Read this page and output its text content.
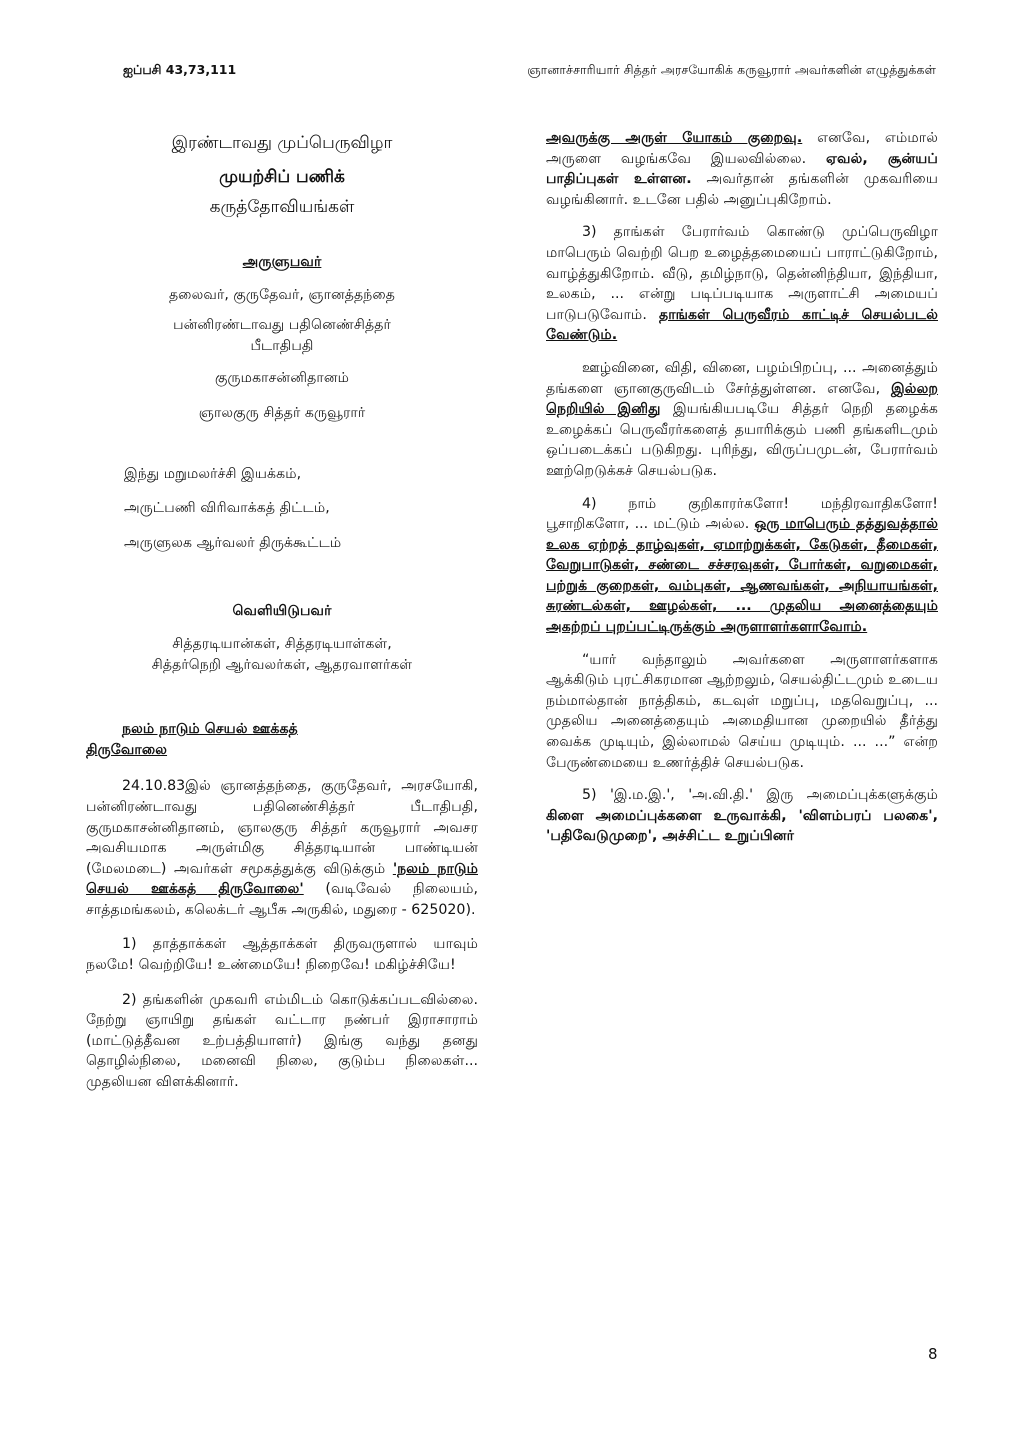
ஐப்பசி 43,73,111	ஞானாச்சாரியார் சித்தர் அரசயோகிக் கருவூரார் அவர்களின் எழுத்துக்கள்
இரண்டாவது முப்பெருவிழா
முயற்சிப் பணிக்
கருத்தோவியங்கள்
அருளுபவர்
தலைவர், குருதேவர், ஞானத்தந்தை
பன்னிரண்டாவது பதினெண்சித்தர்
பீடாதிபதி
குருமகாசன்னிதானம்
ஞாலகுரு சித்தர் கருவூரார்
இந்து மறுமலர்ச்சி இயக்கம்,
அருட்பணி விரிவாக்கத் திட்டம்,
அருளுலக ஆர்வலர் திருக்கூட்டம்
வெளியிடுபவர்
சித்தரடியான்கள், சித்தரடியாள்கள்,
சித்தர்நெறி ஆர்வலர்கள், ஆதரவாளர்கள்
நலம் நாடும் செயல் ஊக்கத்
திருவோலை

24.10.83இல் ஞானத்தந்தை, குருதேவர், அரசயோகி, பன்னிரண்டாவது பதினெண்சித்தர் பீடாதிபதி, குருமகாசன்னிதானம், ஞாலகுரு சித்தர் கருவூரார் அவசர அவசியமாக அருள்மிகு சித்தரடியான் பாண்டியன் (மேலமடை) அவர்கள் சமூகத்துக்கு விடுக்கும் 'நலம் நாடும் செயல் ஊக்கத் திருவோலை' (வடிவேல் நிலையம், சாத்தமங்கலம், கலெக்டர் ஆபீசு அருகில், மதுரை - 625020).

1) தாத்தாக்கள் ஆத்தாக்கள் திருவருளால் யாவும் நலமே! வெற்றியே! உண்மையே! நிறைவே! மகிழ்ச்சியே!

2) தங்களின் முகவரி எம்மிடம் கொடுக்கப்படவில்லை. நேற்று ஞாயிறு தங்கள் வட்டார நண்பர் இராசாராம் (மாட்டுத்தீவன உற்பத்தியாளர்) இங்கு வந்து தனது தொழில்நிலை, மனைவி நிலை, குடும்ப நிலைகள்... முதலியன விளக்கினார்.

அவருக்கு அருள் யோகம் குறைவு. எனவே, எம்மால் அருளை வழங்கவே இயலவில்லை. ஏவல், சூன்யப் பாதிப்புகள் உள்ளன. அவர்தான் தங்களின் முகவரியை வழங்கினார். உடனே பதில் அனுப்புகிறோம்.

3) தாங்கள் பேரார்வம் கொண்டு முப்பெருவிழா மாபெரும் வெற்றி பெற உழைத்தமையைப் பாராட்டுகிறோம், வாழ்த்துகிறோம். வீடு, தமிழ்நாடு, தென்னிந்தியா, இந்தியா, உலகம், ... என்று படிப்படியாக அருளாட்சி அமையப் பாடுபடுவோம். தாங்கள் பெருவீரம் காட்டிச் செயல்படல் வேண்டும்.

ஊழ்வினை, விதி, வினை, பழம்பிறப்பு, ... அனைத்தும் தங்களை ஞானகுருவிடம் சேர்த்துள்ளன. எனவே, இல்லற நெறியில் இனிது இயங்கியபடியே சித்தர் நெறி தழைக்க உழைக்கப் பெருவீரர்களைத் தயாரிக்கும் பணி தங்களிடமும் ஒப்படைக்கப் படுகிறது. புரிந்து, விருப்பமுடன், பேரார்வம் ஊற்றெடுக்கச் செயல்படுக.

4) நாம் குறிகாரர்களோ! மந்திரவாதிகளோ! பூசாறிகளோ, ... மட்டும் அல்ல. ஒரு மாபெரும் தத்துவத்தால் உலக ஏற்றத் தாழ்வுகள், ஏமாற்றுக்கள், கேடுகள், தீமைகள், வேறுபாடுகள், சண்டை சச்சரவுகள், போர்கள், வறுமைகள், பற்றுக் குறைகள், வம்புகள், ஆணவங்கள், அநியாயங்கள், சுரண்டல்கள், ஊழல்கள், ... முதலிய அனைத்தையும் அகற்றப் புறப்பட்டிருக்கும் அருளாளர்களாவோம்.

“யார் வந்தாலும் அவர்களை அருளாளர்களாக ஆக்கிடும் புரட்சிகரமான ஆற்றலும், செயல்திட்டமும் உடைய நம்மால்தான் நாத்திகம், கடவுள் மறுப்பு, மதவெறுப்பு, ... முதலிய அனைத்தையும் அமைதியான முறையில் தீர்த்து வைக்க முடியும், இல்லாமல் செய்ய முடியும். ... ...” என்ற பேருண்மையை உணர்த்திச் செயல்படுக.

5) 'இ.ம.இ.', 'அ.வி.தி.' இரு அமைப்புக்களுக்கும் கிளை அமைப்புக்களை உருவாக்கி, 'விளம்பரப் பலகை', 'பதிவேடுமுறை', அச்சிட்ட உறுப்பினர்

8
